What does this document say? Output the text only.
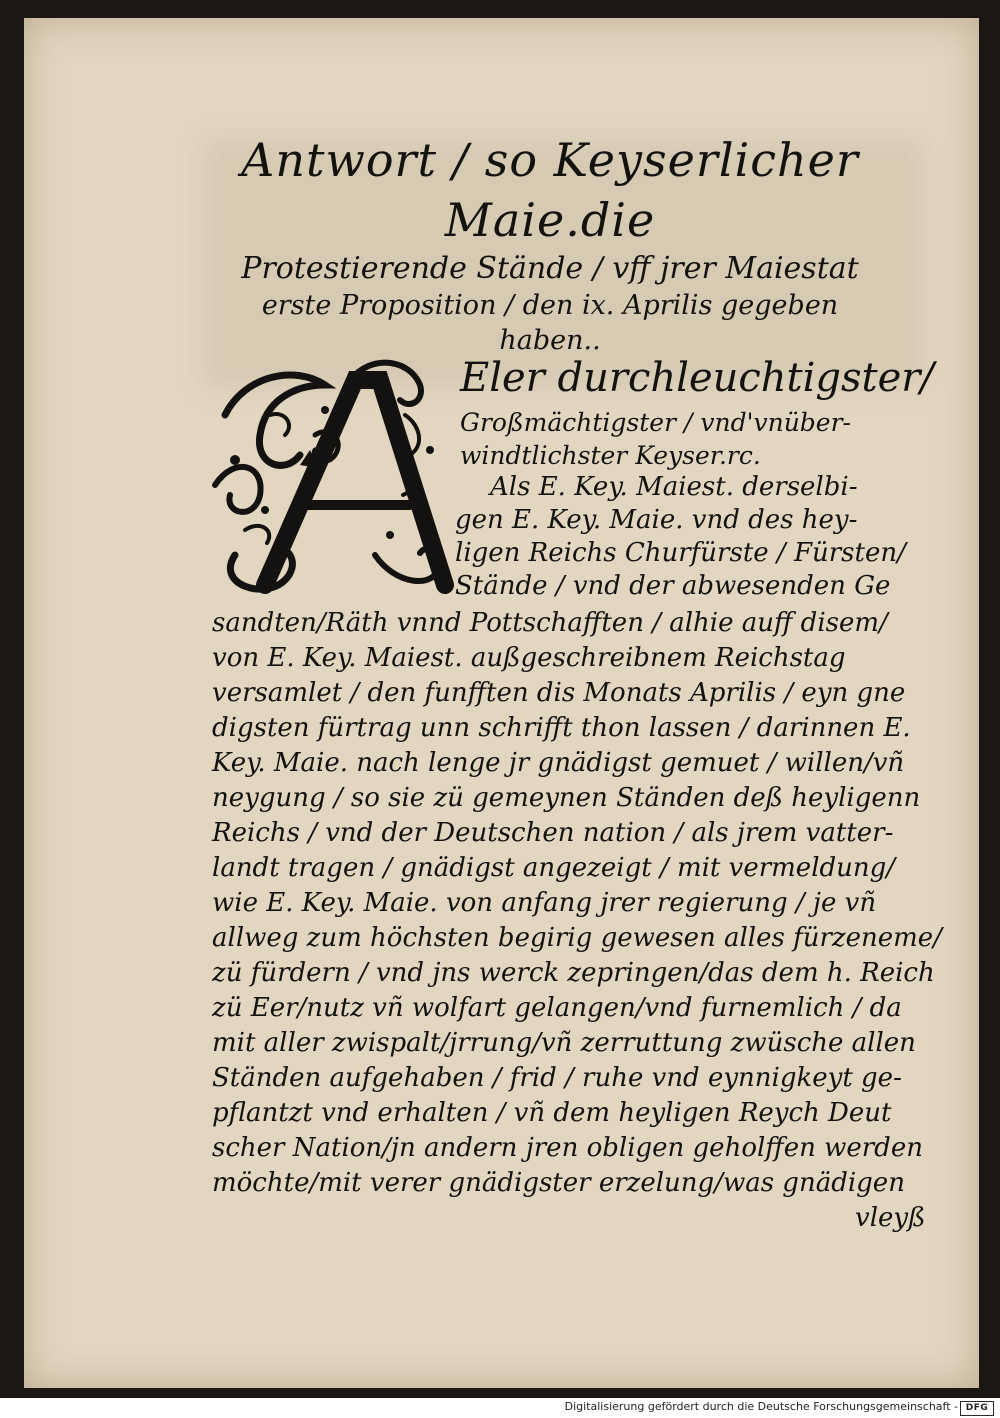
Antwort / so Keyserlicher Maie.die
Protestierende Stände / vff jrer Maiestat
erste Proposition / den ix. Aprilis gegeben
haben..
Eler durchleuchtigster/
Großmächtigster / vnd'vnüber-
windtlichster Keyser.rc.
Als E. Key. Maiest. derselbi-
gen E. Key. Maie. vnd des hey-
ligen Reichs Churfürste / Fürsten/
Stände / vnd der abwesenden Ge
sandten/Räth vnnd Pottschafften / alhie auff disem/
von E. Key. Maiest. außgeschreibnem Reichstag
versamlet / den funfften dis Monats Aprilis / eyn gne
digsten fürtrag unn schrifft thon lassen / darinnen E.
Key. Maie. nach lenge jr gnädigst gemuet / willen/vñ
neygung / so sie zü gemeynen Ständen deß heyligenn
Reichs / vnd der Deutschen nation / als jrem vatter-
landt tragen / gnädigst angezeigt / mit vermeldung/
wie E. Key. Maie. von anfang jrer regierung / je vñ
allweg zum höchsten begirig gewesen alles fürzeneme/
zü fürdern / vnd jns werck zepringen/das dem h. Reich
zü Eer/nutz vñ wolfart gelangen/vnd furnemlich / da
mit aller zwispalt/jrrung/vñ zerruttung zwüsche allen
Ständen aufgehaben / frid / ruhe vnd eynnigkeyt ge-
pflantzt vnd erhalten / vñ dem heyligen Reych Deut
scher Nation/jn andern jren obligen geholffen werden
möchte/mit verer gnädigster erzelung/was gnädigen
vleyß
Digitalisierung gefördert durch die Deutsche Forschungsgemeinschaft - DFG
